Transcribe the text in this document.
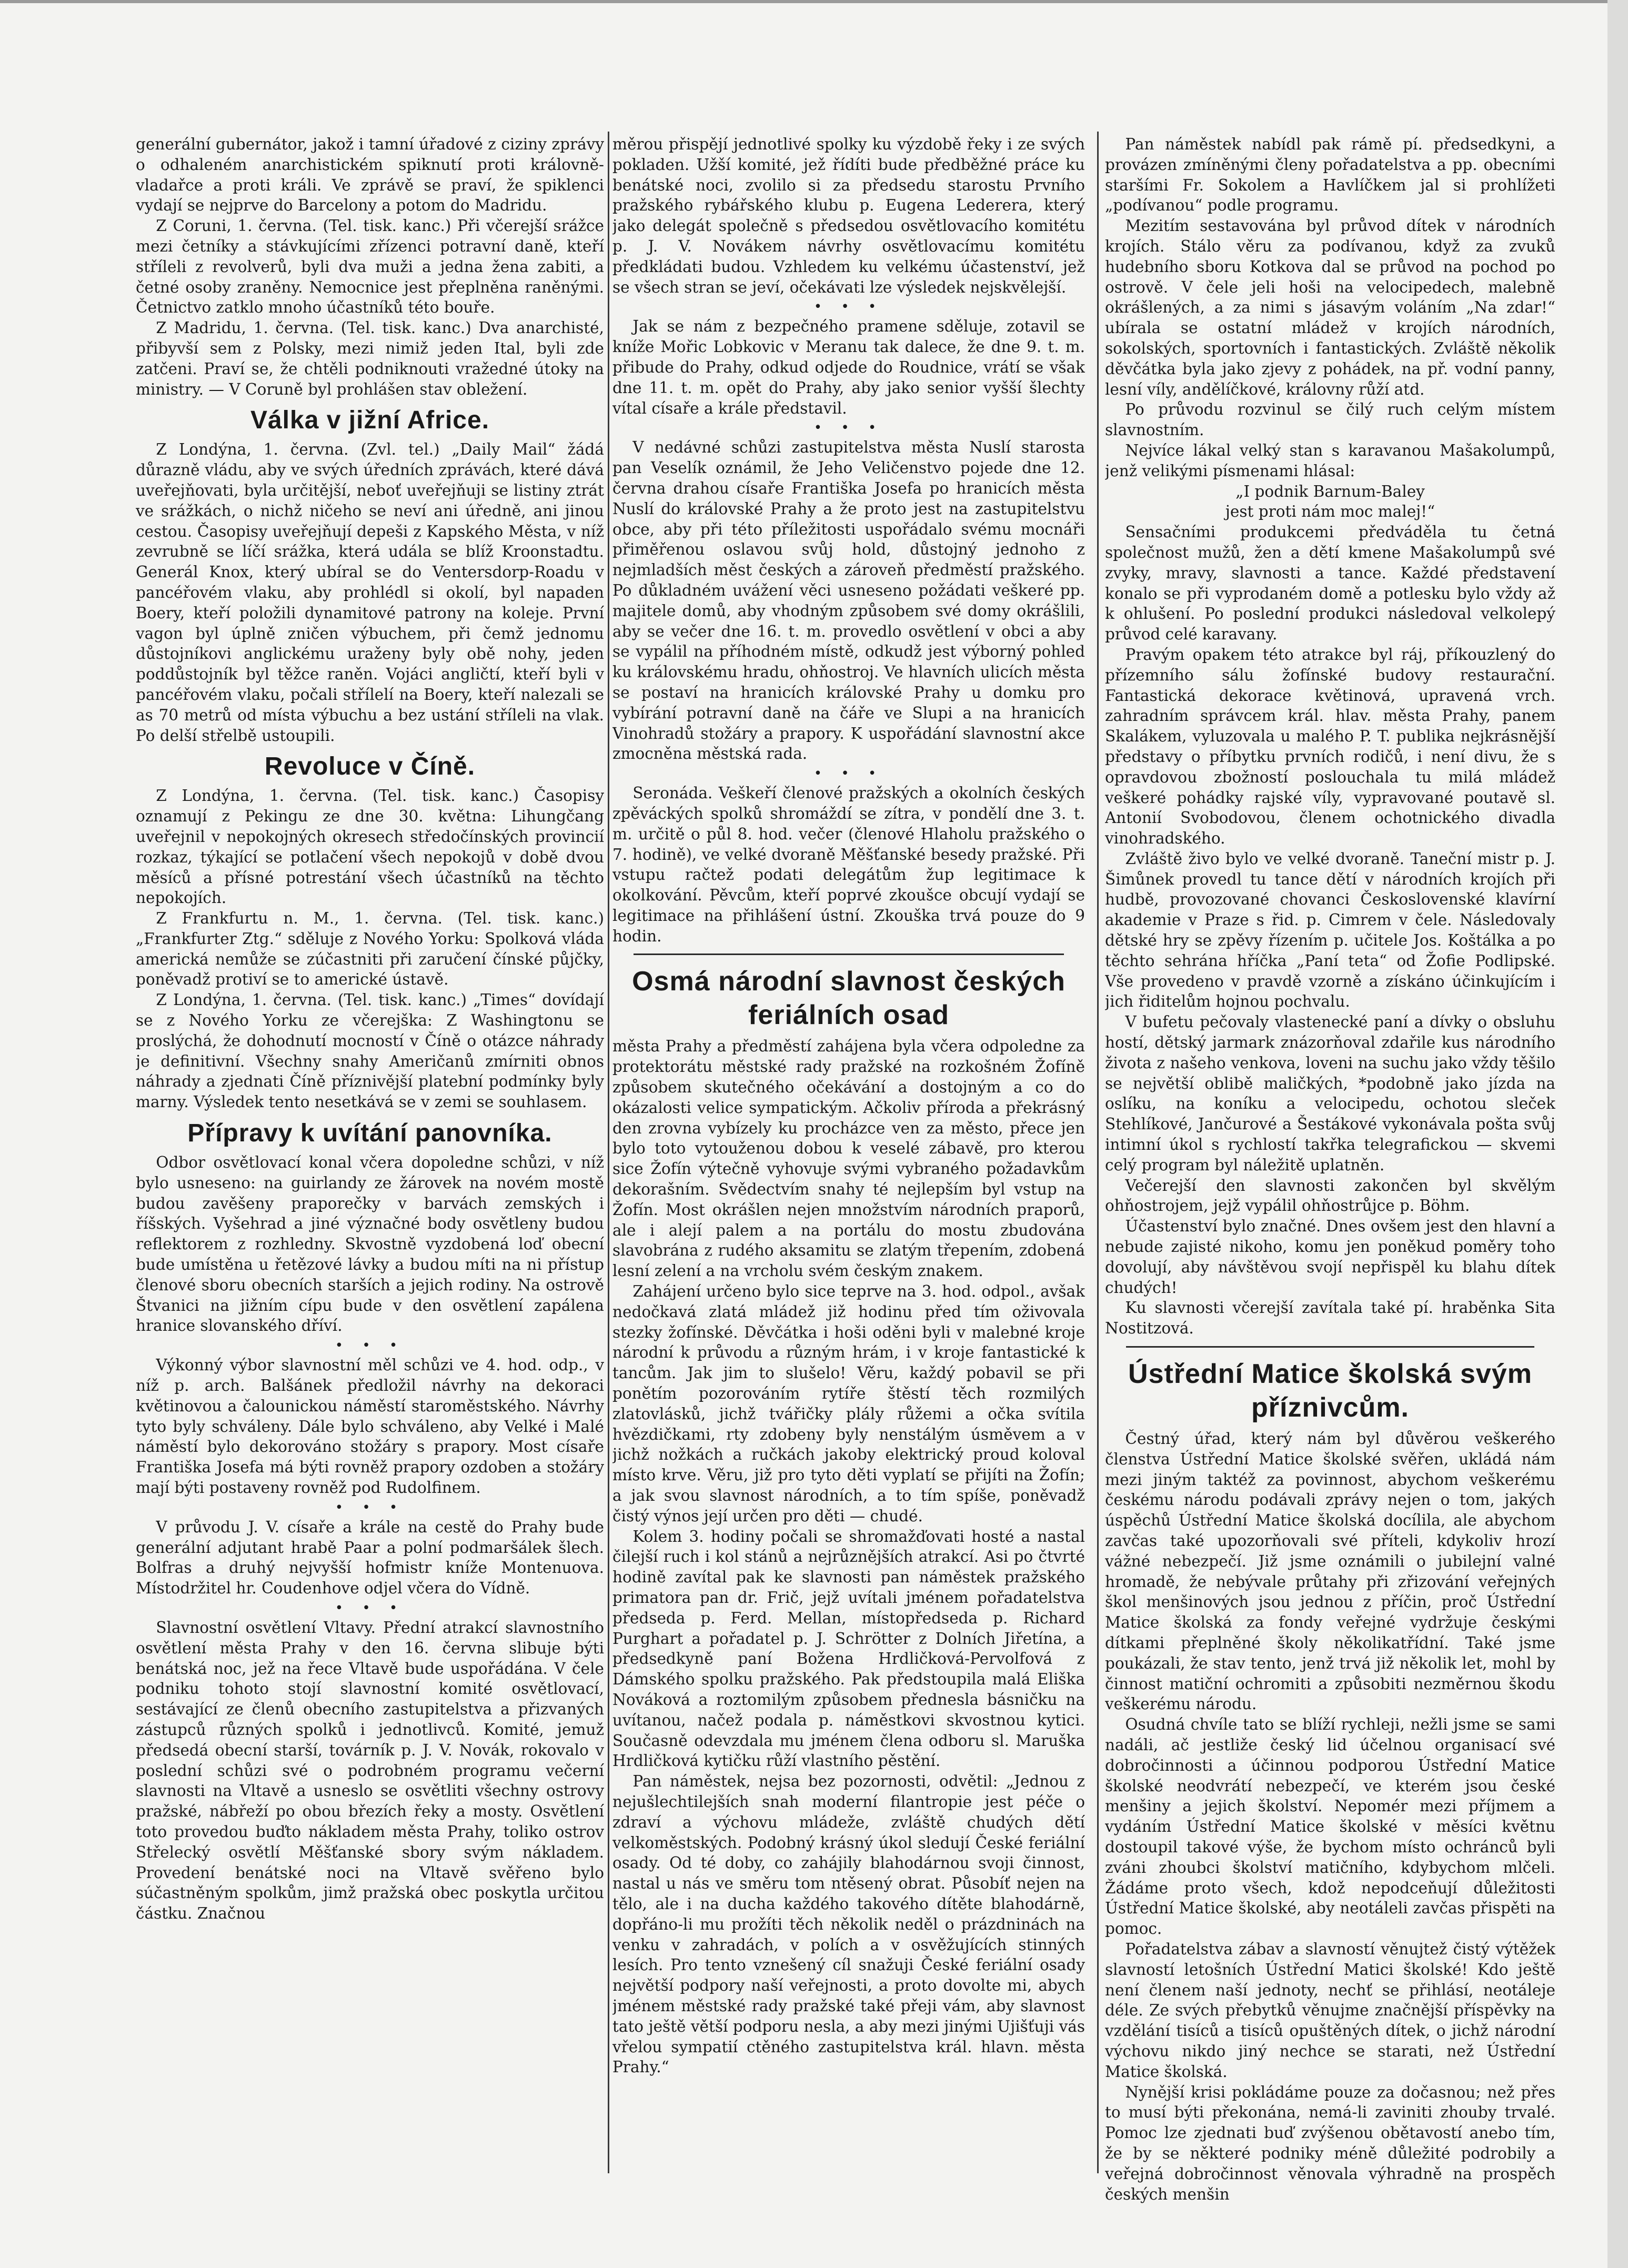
generální gubernátor, jakož i tamní úřadové z ciziny zprávy o odhaleném anarchistickém spiknutí proti královně-vladařce a proti králi. Ve zprávě se praví, že spiklenci vydají se nejprve do Barcelony a potom do Madridu.

Z Coruni, 1. června. (Tel. tisk. kanc.) Při včerejší srážce mezi četníky a stávkujícími zřízenci potravní daně, kteří stříleli z revolverů, byli dva muži a jedna žena zabiti, a četné osoby zraněny. Nemocnice jest přeplněna raněnými. Četnictvo zatklo mnoho účastníků této bouře.

Z Madridu, 1. června. (Tel. tisk. kanc.) Dva anarchisté, přibyvší sem z Polsky, mezi nimiž jeden Ital, byli zde zatčeni. Praví se, že chtěli podniknouti vražedné útoky na ministry. — V Coruně byl prohlášen stav obležení.

Válka v jižní Africe.

Z Londýna, 1. června. (Zvl. tel.) „Daily Mail“ žádá důrazně vládu, aby ve svých úředních zprávách, které dává uveřejňovati, byla určitější, neboť uveřejňuji se listiny ztrát ve srážkách, o nichž ničeho se neví ani úředně, ani jinou cestou. Časopisy uveřejňují depeši z Kapského Města, v níž zevrubně se líčí srážka, která udála se blíž Kroonstadtu. Generál Knox, který ubíral se do Ventersdorp-Roadu v pancéřovém vlaku, aby prohlédl si okolí, byl napaden Boery, kteří položili dynamitové patrony na koleje. První vagon byl úplně zničen výbuchem, při čemž jednomu důstojníkovi anglickému uraženy byly obě nohy, jeden poddůstojník byl těžce raněn. Vojáci angličtí, kteří byli v pancéřovém vlaku, počali střílelí na Boery, kteří nalezali se as 70 metrů od místa výbuchu a bez ustání stříleli na vlak. Po delší střelbě ustoupili.

Revoluce v Číně.

Z Londýna, 1. června. (Tel. tisk. kanc.) Časopisy oznamují z Pekingu ze dne 30. května: Lihungčang uveřejnil v nepokojných okresech středočínských provincií rozkaz, týkající se potlačení všech nepokojů v době dvou měsíců a přísné potrestání všech účastníků na těchto nepokojích.

Z Frankfurtu n. M., 1. června. (Tel. tisk. kanc.) „Frankfurter Ztg.“ sděluje z Nového Yorku: Spolková vláda americká nemůže se zúčastniti při zaručení čínské půjčky, poněvadž protiví se to americké ústavě.

Z Londýna, 1. června. (Tel. tisk. kanc.) „Times“ dovídají se z Nového Yorku ze včerejška: Z Washingtonu se proslýchá, že dohodnutí mocností v Číně o otázce náhrady je definitivní. Všechny snahy Američanů zmírniti obnos náhrady a zjednati Číně příznivější platební podmínky byly marny. Výsledek tento nesetkává se v zemi se souhlasem.

Přípravy k uvítání panovníka.

Odbor osvětlovací konal včera dopoledne schůzi, v níž bylo usneseno: na guirlandy ze žárovek na novém mostě budou zavěšeny praporečky v barvách zemských i říšských. Vyšehrad a jiné význačné body osvětleny budou reflektorem z rozhledny. Skvostně vyzdobená loď obecní bude umístěna u řetězové lávky a budou míti na ni přístup členové sboru obecních starších a jejich rodiny. Na ostrově Štvanici na jižním cípu bude v den osvětlení zapálena hranice slovanského dříví.

• • •

Výkonný výbor slavnostní měl schůzi ve 4. hod. odp., v níž p. arch. Balšánek předložil návrhy na dekoraci květinovou a čalounickou náměstí staroměstského. Návrhy tyto byly schváleny. Dále bylo schváleno, aby Velké i Malé náměstí bylo dekorováno stožáry s prapory. Most císaře Františka Josefa má býti rovněž prapory ozdoben a stožáry mají býti postaveny rovněž pod Rudolfinem.

• • •

V průvodu J. V. císaře a krále na cestě do Prahy bude generální adjutant hrabě Paar a polní podmaršálek šlech. Bolfras a druhý nejvyšší hofmistr kníže Montenuova. Místodržitel hr. Coudenhove odjel včera do Vídně.

• • •

Slavnostní osvětlení Vltavy. Přední atrakcí slavnostního osvětlení města Prahy v den 16. června slibuje býti benátská noc, jež na řece Vltavě bude uspořádána. V čele podniku tohoto stojí slavnostní komité osvětlovací, sestávající ze členů obecního zastupitelstva a přizvaných zástupců různých spolků i jednotlivců. Komité, jemuž předsedá obecní starší, továrník p. J. V. Novák, rokovalo v poslední schůzi své o podrobném programu večerní slavnosti na Vltavě a usneslo se osvětliti všechny ostrovy pražské, nábřeží po obou březích řeky a mosty. Osvětlení toto provedou buďto nákladem města Prahy, toliko ostrov Střelecký osvětlí Měšťanské sbory svým nákladem. Provedení benátské noci na Vltavě svěřeno bylo súčastněným spolkům, jimž pražská obec poskytla určitou částku. Značnou

měrou přispějí jednotlivé spolky ku výzdobě řeky i ze svých pokladen. Užší komité, jež řídíti bude předběžné práce ku benátské noci, zvolilo si za předsedu starostu Prvního pražského rybářského klubu p. Eugena Lederera, který jako delegát společně s předsedou osvětlovacího komitétu p. J. V. Novákem návrhy osvětlovacímu komitétu předkládati budou. Vzhledem ku velkému účastenství, jež se všech stran se jeví, očekávati lze výsledek nejskvělejší.

• • •

Jak se nám z bezpečného pramene sděluje, zotavil se kníže Mořic Lobkovic v Meranu tak dalece, že dne 9. t. m. přibude do Prahy, odkud odjede do Roudnice, vrátí se však dne 11. t. m. opět do Prahy, aby jako senior vyšší šlechty vítal císaře a krále představil.

• • •

V nedávné schůzi zastupitelstva města Nuslí starosta pan Veselík oznámil, že Jeho Veličenstvo pojede dne 12. června drahou císaře Františka Josefa po hranicích města Nuslí do královské Prahy a že proto jest na zastupitelstvu obce, aby při této příležitosti uspořádalo svému mocnáři přiměřenou oslavou svůj hold, důstojný jednoho z nejmladších měst českých a zároveň předměstí pražského. Po důkladném uvážení věci usneseno požádati veškeré pp. majitele domů, aby vhodným způsobem své domy okrášlili, aby se večer dne 16. t. m. provedlo osvětlení v obci a aby se vypálil na příhodném místě, odkudž jest výborný pohled ku královskému hradu, ohňostroj. Ve hlavních ulicích města se postaví na hranicích královské Prahy u domku pro vybírání potravní daně na čáře ve Slupi a na hranicích Vinohradů stožáry a prapory. K uspořádání slavnostní akce zmocněna městská rada.

• • •

Seronáda. Veškeří členové pražských a okolních českých zpěváckých spolků shromáždí se zítra, v pondělí dne 3. t. m. určitě o půl 8. hod. večer (členové Hlaholu pražského o 7. hodině), ve velké dvoraně Měšťanské besedy pražské. Při vstupu račtež podati delegátům žup legitimace k okolkování. Pěvcům, kteří poprvé zkoušce obcují vydají se legitimace na přihlášení ústní. Zkouška trvá pouze do 9 hodin.

Osmá národní slavnost českých feriálních osad

města Prahy a předměstí zahájena byla včera odpoledne za protektorátu městské rady pražské na rozkošném Žofíně způsobem skutečného očekávání a dostojným a co do okázalosti velice sympatickým. Ačkoliv příroda a překrásný den zrovna vybízely ku procházce ven za město, přece jen bylo toto vytouženou dobou k veselé zábavě, pro kterou sice Žofín výtečně vyhovuje svými vybraného požadavkům dekorašním. Svědectvím snahy té nejlepším byl vstup na Žofín. Most okrášlen nejen množstvím národních praporů, ale i alejí palem a na portálu do mostu zbudována slavobrána z rudého aksamitu se zlatým třepením, zdobená lesní zelení a na vrcholu svém českým znakem.

Zahájení určeno bylo sice teprve na 3. hod. odpol., avšak nedočkavá zlatá mládež již hodinu před tím oživovala stezky žofínské. Děvčátka i hoši oděni byli v malebné kroje národní k průvodu a různým hrám, i v kroje fantastické k tancům. Jak jim to slušelo! Věru, každý pobavil se při ponětím pozorováním rytíře štěstí těch rozmilých zlatovlásků, jichž tvářičky plály růžemi a očka svítila hvězdičkami, rty zdobeny byly nenstálým úsměvem a v jichž nožkách a ručkách jakoby elektrický proud koloval místo krve. Věru, již pro tyto děti vyplatí se přijíti na Žofín; a jak svou slavnost národních, a to tím spíše, poněvadž čistý výnos její určen pro děti — chudé.

Kolem 3. hodiny počali se shromažďovati hosté a nastal čilejší ruch i kol stánů a nejrůznějších atrakcí. Asi po čtvrté hodině zavítal pak ke slavnosti pan náměstek pražského primatora pan dr. Frič, jejž uvítali jménem pořadatelstva předseda p. Ferd. Mellan, místopředseda p. Richard Purghart a pořadatel p. J. Schrötter z Dolních Jiřetína, a předsedkyně paní Božena Hrdličková-Pervolfová z Dámského spolku pražského. Pak předstoupila malá Eliška Nováková a roztomilým způsobem přednesla básničku na uvítanou, načež podala p. náměstkovi skvostnou kytici. Současně odevzdala mu jménem člena odboru sl. Maruška Hrdličková kytičku růží vlastního pěstění.

Pan náměstek, nejsa bez pozornosti, odvětil: „Jednou z nejušlechtilejších snah moderní filantropie jest péče o zdraví a výchovu mládeže, zvláště chudých dětí velkoměstských. Podobný krásný úkol sledují České feriální osady. Od té doby, co zahájily blahodárnou svoji činnost, nastal u nás ve směru tom ntěsený obrat. Působíť nejen na tělo, ale i na ducha každého takového dítěte blahodárně, dopřáno-li mu prožíti těch několik neděl o prázdninách na venku v zahradách, v polích a v osvěžujících stinných lesích. Pro tento vznešený cíl snažuji České feriální osady největší podpory naší veřejnosti, a proto dovolte mi, abych jménem městské rady pražské také přeji vám, aby slavnost tato ještě větší podporu nesla, a aby mezi jinými Ujišťuji vás vřelou sympatií ctěného zastupitelstva král. hlavn. města Prahy.“

Pan náměstek nabídl pak rámě pí. předsedkyni, a provázen zmíněnými členy pořadatelstva a pp. obecními staršími Fr. Sokolem a Havlíčkem jal si prohlížeti „podívanou“ podle programu.

Mezitím sestavována byl průvod dítek v národních krojích. Stálo věru za podívanou, když za zvuků hudebního sboru Kotkova dal se průvod na pochod po ostrově. V čele jeli hoši na velocipedech, malebně okrášlených, a za nimi s jásavým voláním „Na zdar!“ ubírala se ostatní mládež v krojích národních, sokolských, sportovních i fantastických. Zvláště několik děvčátka byla jako zjevy z pohádek, na př. vodní panny, lesní víly, andělíčkové, královny růží atd.

Po průvodu rozvinul se čilý ruch celým místem slavnostním.

Nejvíce lákal velký stan s karavanou Mašakolumpů, jenž velikými písmenami hlásal:

„I podnik Barnum-Baley

jest proti nám moc malej!“

Sensačními produkcemi předváděla tu četná společnost mužů, žen a dětí kmene Mašakolumpů své zvyky, mravy, slavnosti a tance. Každé představení konalo se při vyprodaném domě a potlesku bylo vždy až k ohlušení. Po poslední produkci následoval velkolepý průvod celé karavany.

Pravým opakem této atrakce byl ráj, příkouzlený do přízemního sálu žofínské budovy restaurační. Fantastická dekorace květinová, upravená vrch. zahradním správcem král. hlav. města Prahy, panem Skalákem, vyluzovala u malého P. T. publika nejkrásnější představy o příbytku prvních rodičů, i není divu, že s opravdovou zbožností poslouchala tu milá mládež veškeré pohádky rajské víly, vypravované poutavě sl. Antonií Svobodovou, členem ochotnického divadla vinohradského.

Zvláště živo bylo ve velké dvoraně. Taneční mistr p. J. Šimůnek provedl tu tance dětí v národních krojích při hudbě, provozované chovanci Československé klavírní akademie v Praze s řid. p. Cimrem v čele. Následovaly dětské hry se zpěvy řízením p. učitele Jos. Koštálka a po těchto sehrána hříčka „Paní teta“ od Žofie Podlipské. Vše provedeno v pravdě vzorně a získáno účinkujícím i jich řiditelům hojnou pochvalu.

V bufetu pečovaly vlastenecké paní a dívky o obsluhu hostí, dětský jarmark znázorňoval zdařile kus národního života z našeho venkova, loveni na suchu jako vždy těšilo se největší oblibě maličkých, *podobně jako jízda na oslíku, na koníku a velocipedu, ochotou sleček Stehlíkové, Jančurové a Šestákové vykonávala pošta svůj intimní úkol s rychlostí takřka telegrafickou — skvemi celý program byl náležitě uplatněn.

Večerejší den slavnosti zakončen byl skvělým ohňostrojem, jejž vypálil ohňostrůjce p. Böhm.

Účastenství bylo značné. Dnes ovšem jest den hlavní a nebude zajisté nikoho, komu jen poněkud poměry toho dovolují, aby návštěvou svojí nepřispěl ku blahu dítek chudých!

Ku slavnosti včerejší zavítala také pí. hraběnka Sita Nostitzová.

Ústřední Matice školská svým příznivcům.

Čestný úřad, který nám byl důvěrou veškerého členstva Ústřední Matice školské svěřen, ukládá nám mezi jiným taktéž za povinnost, abychom veškerému českému národu podávali zprávy nejen o tom, jakých úspěchů Ústřední Matice školská docílila, ale abychom zavčas také upozorňovali své příteli, kdykoliv hrozí vážné nebezpečí. Již jsme oznámili o jubilejní valné hromadě, že nebývale průtahy při zřizování veřejných škol menšinových jsou jednou z příčin, proč Ústřední Matice školská za fondy veřejné vydržuje českými dítkami přeplněné školy několikatřídní. Také jsme poukázali, že stav tento, jenž trvá již několik let, mohl by činnost matiční ochromiti a způsobiti nezměrnou škodu veškerému národu.

Osudná chvíle tato se blíží rychleji, nežli jsme se sami nadáli, ač jestliže český lid účelnou organisací své dobročinnosti a účinnou podporou Ústřední Matice školské neodvrátí nebezpečí, ve kterém jsou české menšiny a jejich školství. Nepomér mezi příjmem a vydáním Ústřední Matice školské v měsíci květnu dostoupil takové výše, že bychom místo ochránců byli zváni zhoubci školství matičního, kdybychom mlčeli. Žádáme proto všech, kdož nepodceňují důležitosti Ústřední Matice školské, aby neotáleli zavčas přispěti na pomoc.

Pořadatelstva zábav a slavností věnujtež čistý výtěžek slavností letošních Ústřední Matici školské! Kdo ještě není členem naší jednoty, nechť se přihlásí, neotáleje déle. Ze svých přebytků věnujme značnější příspěvky na vzdělání tisíců a tisíců opuštěných dítek, o jichž národní výchovu nikdo jiný nechce se starati, než Ústřední Matice školská.

Nynější krisi pokládáme pouze za dočasnou; než přes to musí býti překonána, nemá-li zaviniti zhouby trvalé. Pomoc lze zjednati buď zvýšenou obětavostí anebo tím, že by se některé podniky méně důležité podrobily a veřejná dobročinnost věnovala výhradně na prospěch českých menšin
